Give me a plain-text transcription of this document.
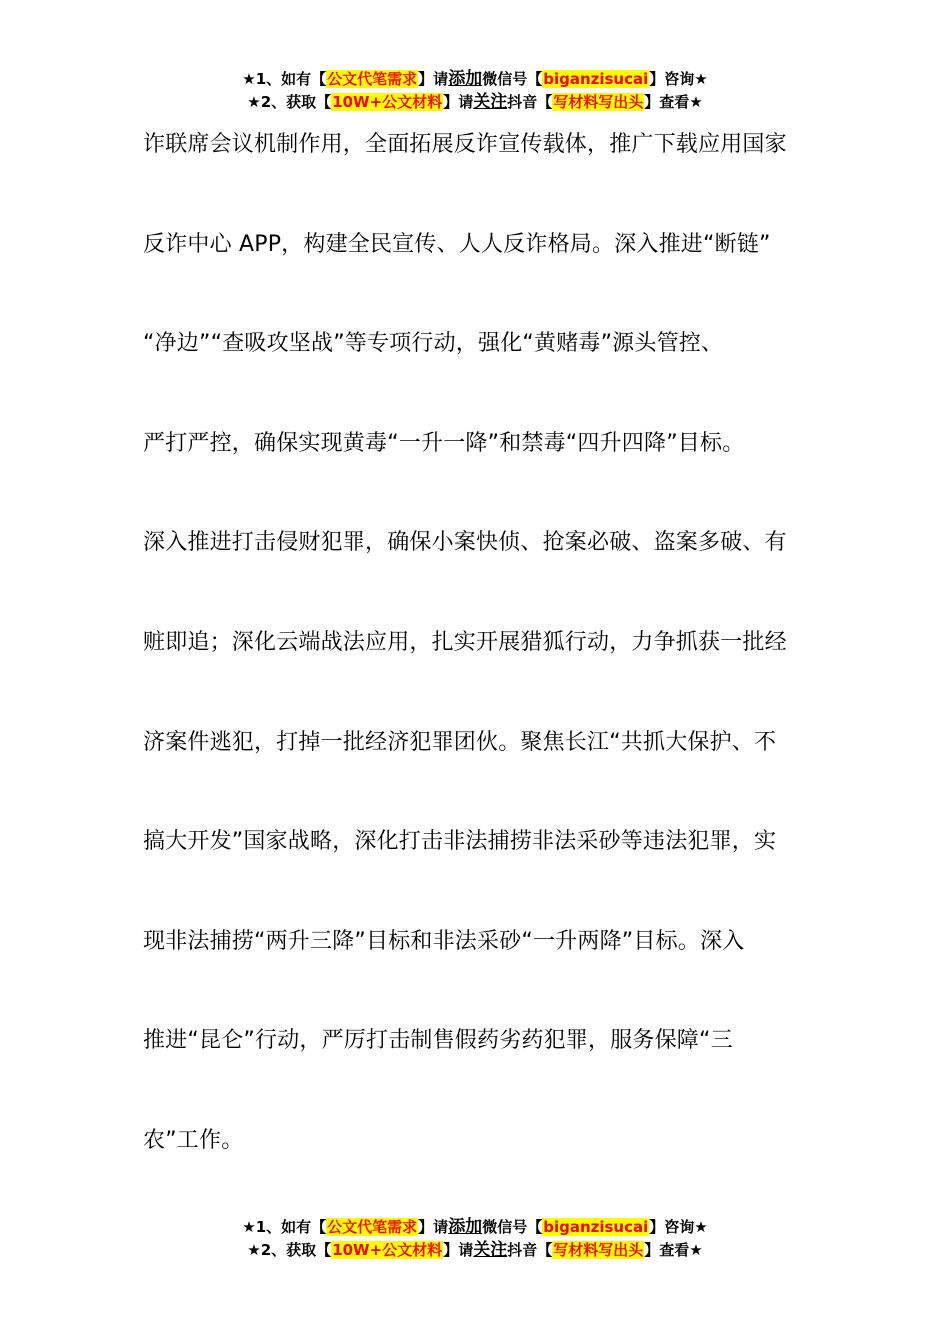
★1、如有【公文代笔需求】请添加微信号【biganzisucai】咨询★
★2、获取【10W+公文材料】请关注抖音【写材料写出头】查看★
诈联席会议机制作用，全面拓展反诈宣传载体，推广下载应用国家
反诈中心 APP，构建全民宣传、人人反诈格局。深入推进“断链”
“净边”“查吸攻坚战”等专项行动，强化“黄赌毒”源头管控、
严打严控，确保实现黄毒“一升一降”和禁毒“四升四降”目标。
深入推进打击侵财犯罪，确保小案快侦、抢案必破、盗案多破、有
赃即追；深化云端战法应用，扎实开展猎狐行动，力争抓获一批经
济案件逃犯，打掉一批经济犯罪团伙。聚焦长江“共抓大保护、不
搞大开发”国家战略，深化打击非法捕捞非法采砂等违法犯罪，实
现非法捕捞“两升三降”目标和非法采砂“一升两降”目标。深入
推进“昆仑”行动，严厉打击制售假药劣药犯罪，服务保障“三
农”工作。
★1、如有【公文代笔需求】请添加微信号【biganzisucai】咨询★
★2、获取【10W+公文材料】请关注抖音【写材料写出头】查看★
